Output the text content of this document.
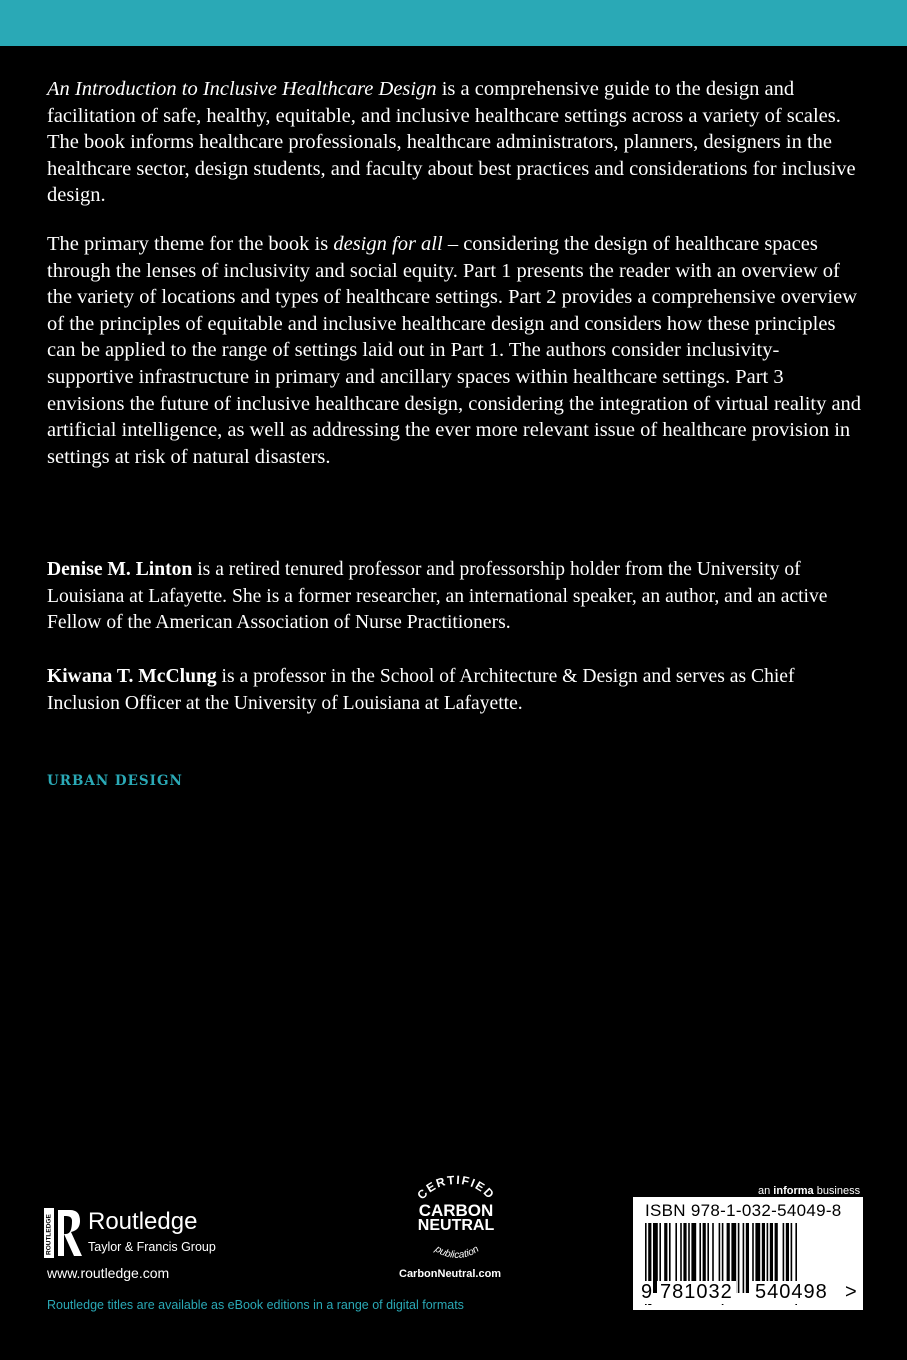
An Introduction to Inclusive Healthcare Design is a comprehensive guide to the design and facilitation of safe, healthy, equitable, and inclusive healthcare settings across a variety of scales. The book informs healthcare professionals, healthcare administrators, planners, designers in the healthcare sector, design students, and faculty about best practices and considerations for inclusive design.

The primary theme for the book is design for all – considering the design of healthcare spaces through the lenses of inclusivity and social equity. Part 1 presents the reader with an overview of the variety of locations and types of healthcare settings. Part 2 provides a comprehensive overview of the principles of equitable and inclusive healthcare design and considers how these principles can be applied to the range of settings laid out in Part 1. The authors consider inclusivity-supportive infrastructure in primary and ancillary spaces within healthcare settings. Part 3 envisions the future of inclusive healthcare design, considering the integration of virtual reality and artificial intelligence, as well as addressing the ever more relevant issue of healthcare provision in settings at risk of natural disasters.

Denise M. Linton is a retired tenured professor and professorship holder from the University of Louisiana at Lafayette. She is a former researcher, an international speaker, an author, and an active Fellow of the American Association of Nurse Practitioners.
Kiwana T. McClung is a professor in the School of Architecture & Design and serves as Chief Inclusion Officer at the University of Louisiana at Lafayette.
URBAN DESIGN
ROUTLEDGE Routledge
Taylor & Francis Group
www.routledge.com
Routledge titles are available as eBook editions in a range of digital formats
CERTIFIED
CARBON
NEUTRAL
publication
CarbonNeutral.com
an informa business
ISBN 978-1-032-54049-8
9 781032 540498 >
